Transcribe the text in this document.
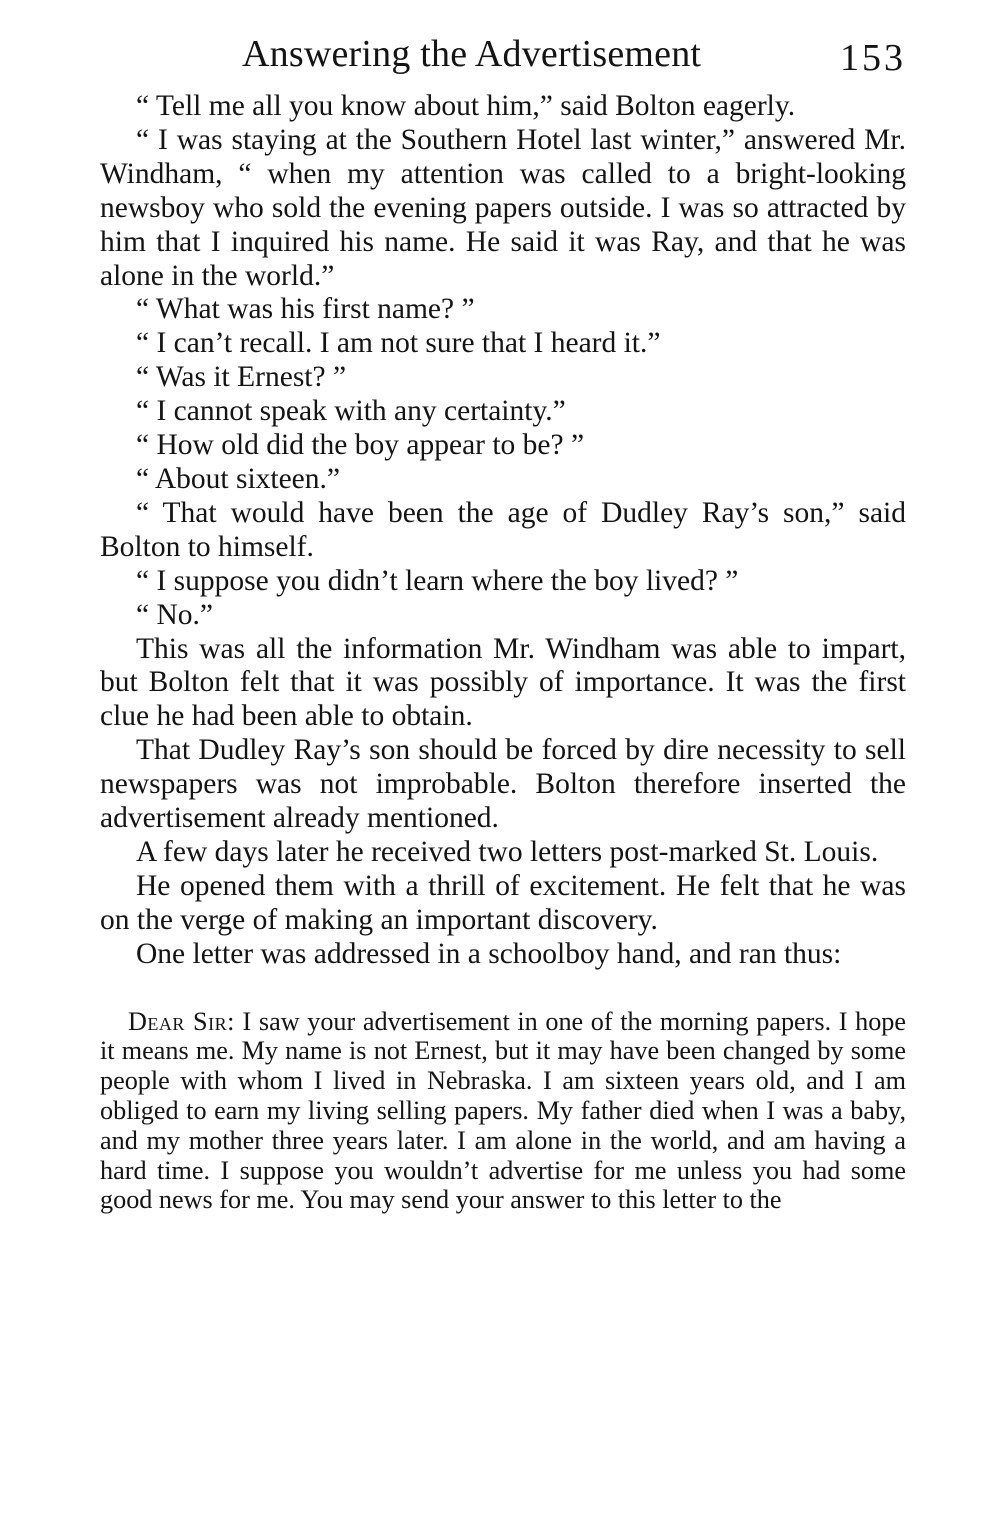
Answering the Advertisement	153

“ Tell me all you know about him,” said Bolton eagerly.

“ I was staying at the Southern Hotel last winter,” answered Mr. Windham, “ when my attention was called to a bright-looking newsboy who sold the evening papers outside. I was so attracted by him that I inquired his name. He said it was Ray, and that he was alone in the world.”

“ What was his first name? ”

“ I can’t recall. I am not sure that I heard it.”

“ Was it Ernest? ”

“ I cannot speak with any certainty.”

“ How old did the boy appear to be? ”

“ About sixteen.”

“ That would have been the age of Dudley Ray’s son,” said Bolton to himself.

“ I suppose you didn’t learn where the boy lived? ”

“ No.”

This was all the information Mr. Windham was able to impart, but Bolton felt that it was possibly of importance. It was the first clue he had been able to obtain.

That Dudley Ray’s son should be forced by dire necessity to sell newspapers was not improbable. Bolton therefore inserted the advertisement already mentioned.

A few days later he received two letters post-marked St. Louis.

He opened them with a thrill of excitement. He felt that he was on the verge of making an important discovery.

One letter was addressed in a schoolboy hand, and ran thus:

Dear Sir: I saw your advertisement in one of the morning papers. I hope it means me. My name is not Ernest, but it may have been changed by some people with whom I lived in Nebraska. I am sixteen years old, and I am obliged to earn my living selling papers. My father died when I was a baby, and my mother three years later. I am alone in the world, and am having a hard time. I suppose you wouldn’t advertise for me unless you had some good news for me. You may send your answer to this letter to the
